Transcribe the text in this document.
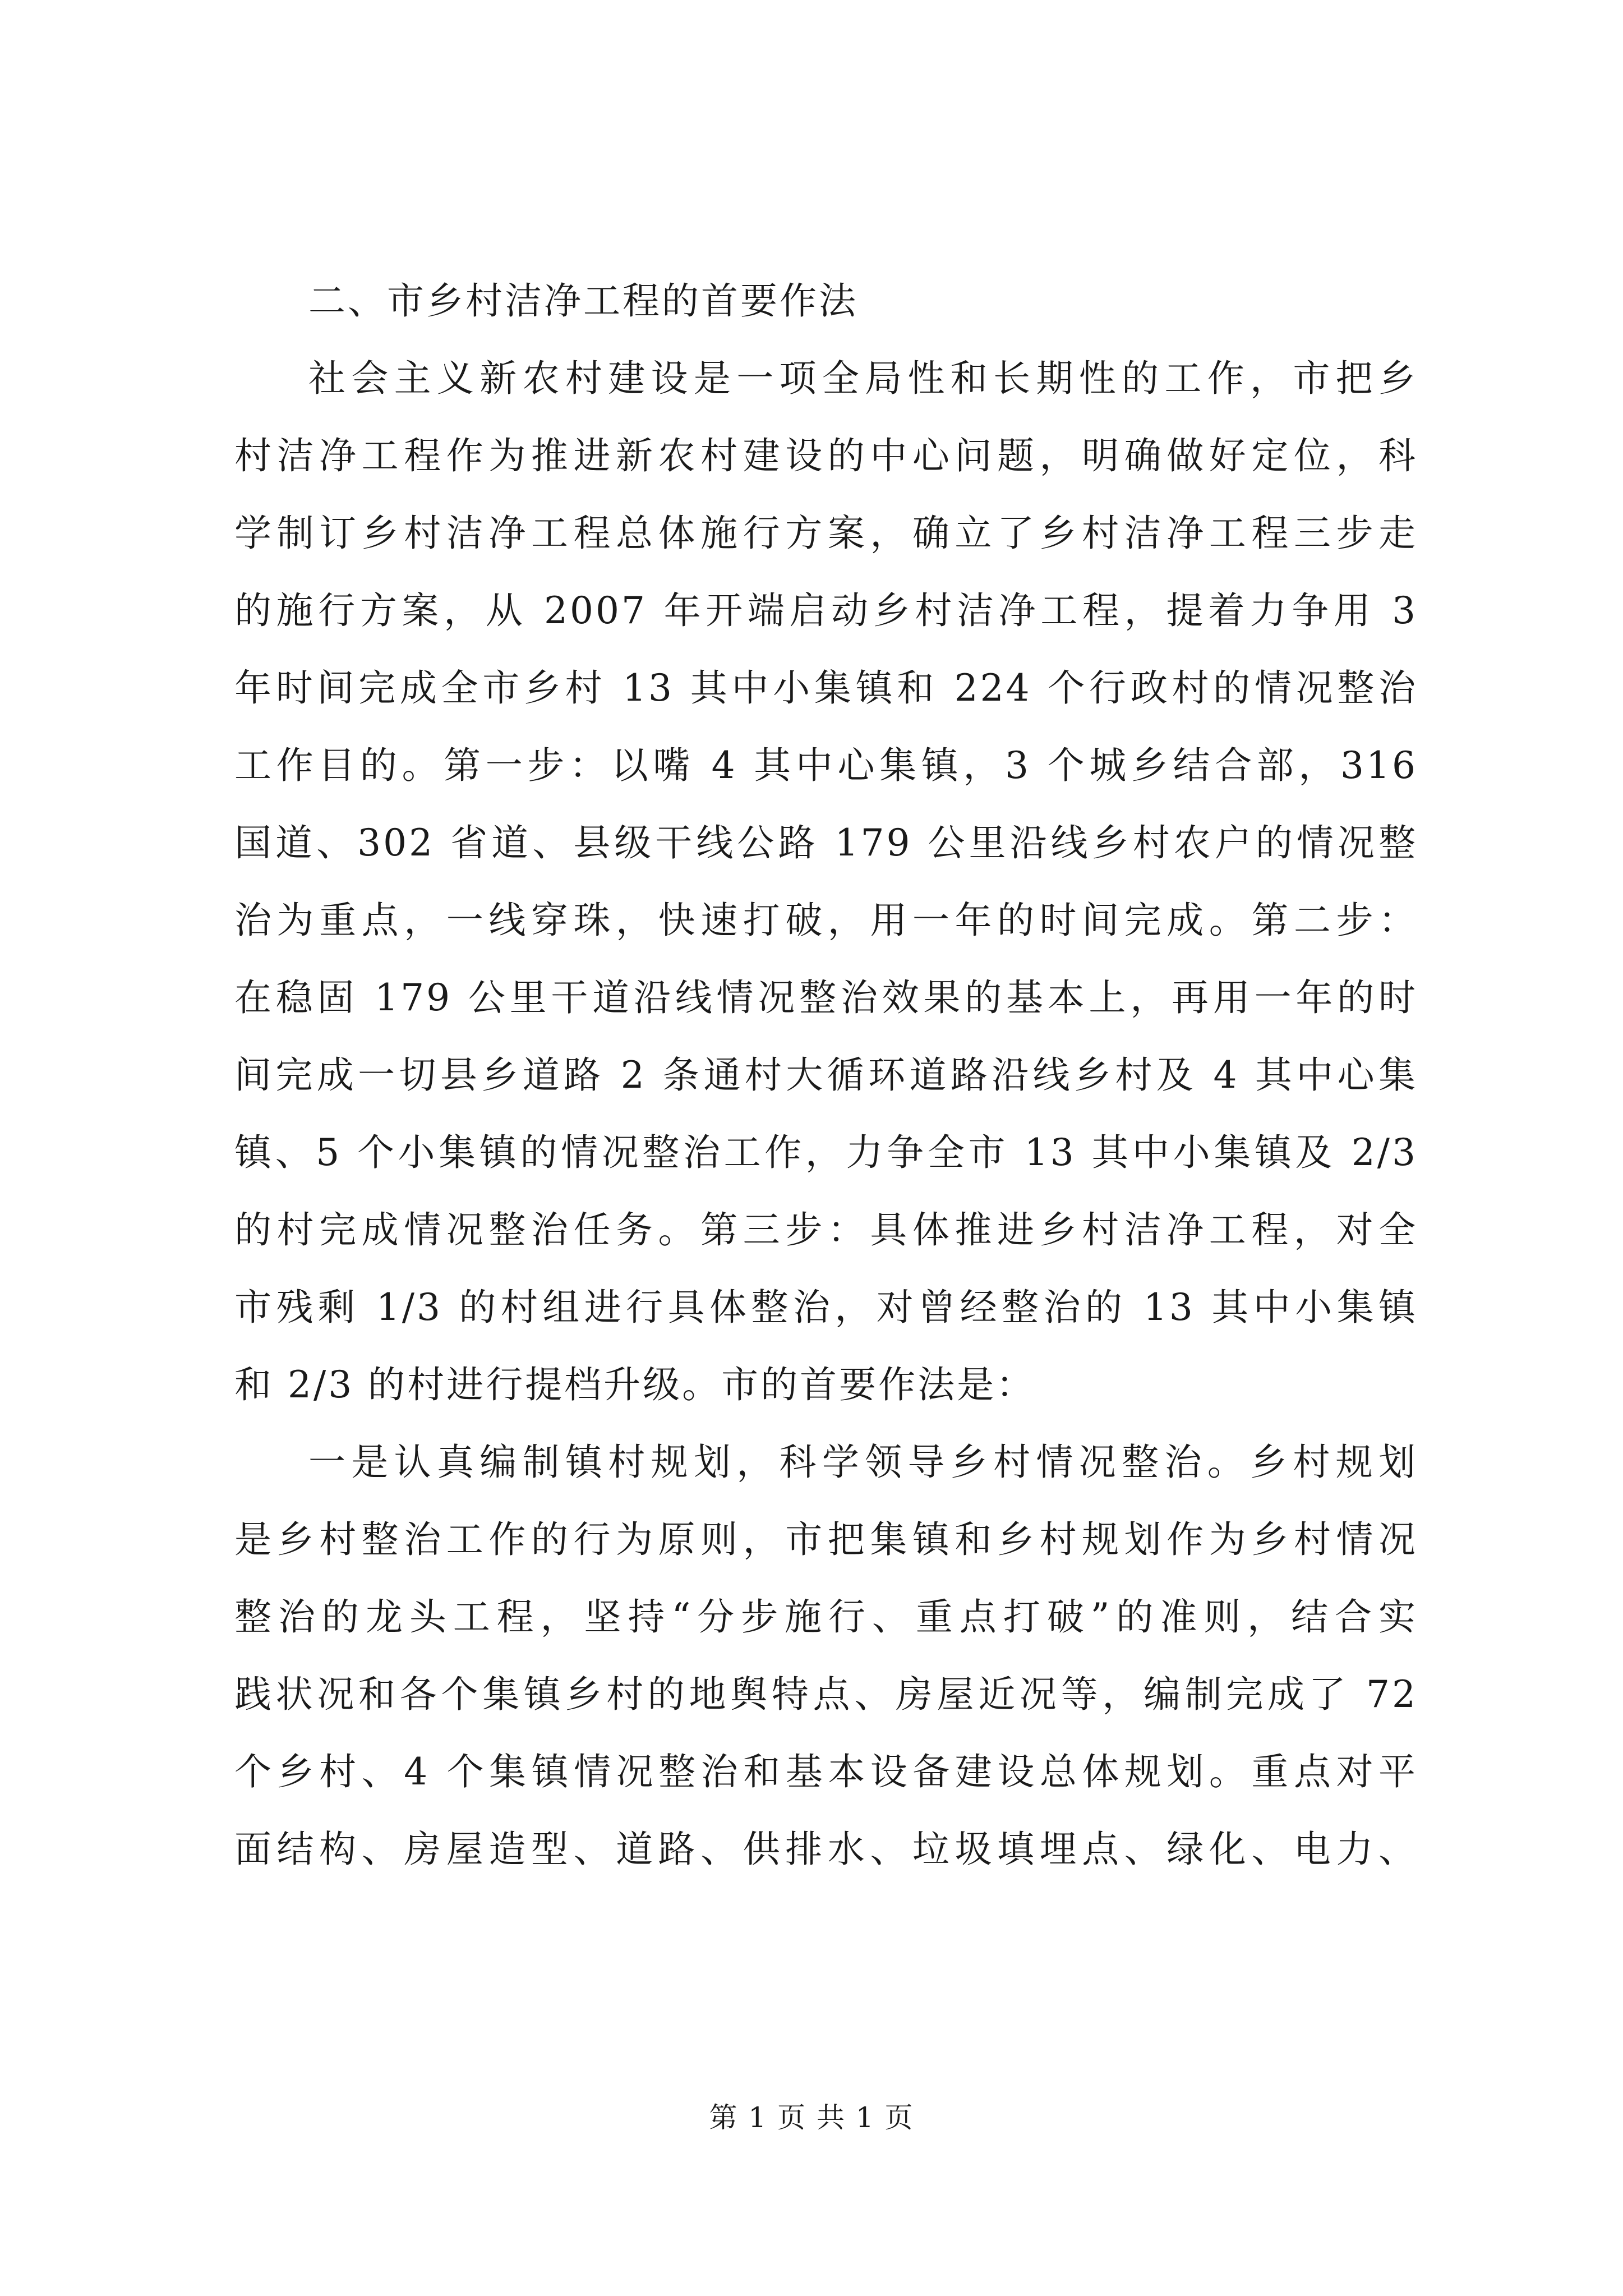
二、市乡村洁净工程的首要作法

社会主义新农村建设是一项全局性和长期性的工作，市把乡

村洁净工程作为推进新农村建设的中心问题，明确做好定位，科

学制订乡村洁净工程总体施行方案，确立了乡村洁净工程三步走

的施行方案，从 2007 年开端启动乡村洁净工程，提着力争用 3

年时间完成全市乡村 13 其中小集镇和 224 个行政村的情况整治

工作目的。第一步：以嘴 4 其中心集镇，3 个城乡结合部，316

国道、302 省道、县级干线公路 179 公里沿线乡村农户的情况整

治为重点，一线穿珠，快速打破，用一年的时间完成。第二步：

在稳固 179 公里干道沿线情况整治效果的基本上，再用一年的时

间完成一切县乡道路 2 条通村大循环道路沿线乡村及 4 其中心集

镇、5 个小集镇的情况整治工作，力争全市 13 其中小集镇及 2/3

的村完成情况整治任务。第三步：具体推进乡村洁净工程，对全

市残剩 1/3 的村组进行具体整治，对曾经整治的 13 其中小集镇

和 2/3 的村进行提档升级。市的首要作法是：

一是认真编制镇村规划，科学领导乡村情况整治。乡村规划

是乡村整治工作的行为原则，市把集镇和乡村规划作为乡村情况

整治的龙头工程，坚持“分步施行、重点打破”的准则，结合实

践状况和各个集镇乡村的地舆特点、房屋近况等，编制完成了 72

个乡村、4 个集镇情况整治和基本设备建设总体规划。重点对平

面结构、房屋造型、道路、供排水、垃圾填埋点、绿化、电力、

第 1 页 共 1 页
